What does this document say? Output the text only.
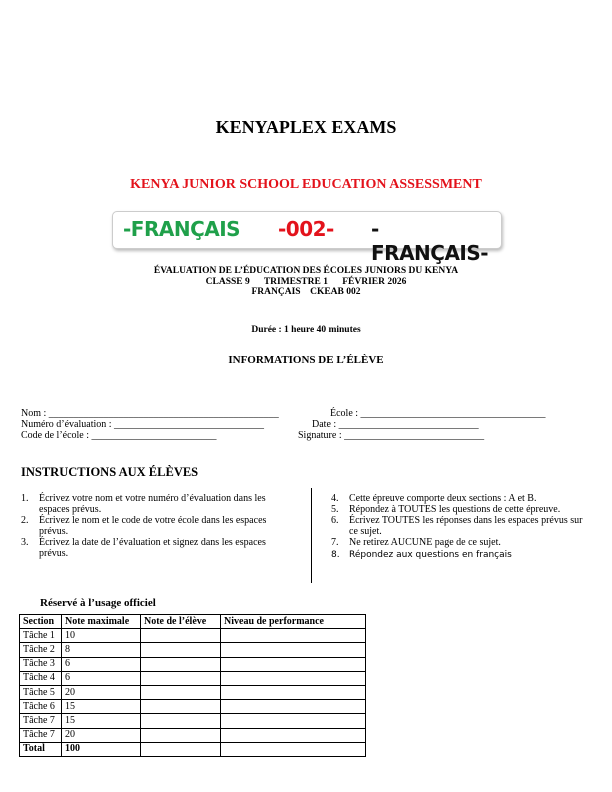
KENYAPLEX EXAMS
KENYA JUNIOR SCHOOL EDUCATION ASSESSMENT
-FRANÇAIS -002- - FRANÇAIS-
ÉVALUATION DE L’ÉDUCATION DES ÉCOLES JUNIORS DU KENYA
CLASSE 9      TRIMESTRE 1      FÉVRIER 2026
FRANÇAIS    CKEAB 002
Durée : 1 heure 40 minutes
INFORMATIONS DE L’ÉLÈVE
Nom : ______________________________________________	École : _____________________________________
Numéro d’évaluation : ______________________________	Date : ____________________________
Code de l’école : _________________________	Signature : ____________________________
INSTRUCTIONS AUX ÉLÈVES
1. Écrivez votre nom et votre numéro d’évaluation dans les espaces prévus.
2. Écrivez le nom et le code de votre école dans les espaces prévus.
3. Écrivez la date de l’évaluation et signez dans les espaces prévus.
4. Cette épreuve comporte deux sections : A et B.
5. Répondez à TOUTES les questions de cette épreuve.
6. Écrivez TOUTES les réponses dans les espaces prévus sur ce sujet.
7. Ne retirez AUCUNE page de ce sujet.
8. Répondez aux questions en français
Réservé à l’usage officiel
Section	Note maximale	Note de l’élève	Niveau de performance
Tâche 1	10		
Tâche 2	8		
Tâche 3	6		
Tâche 4	6		
Tâche 5	20		
Tâche 6	15		
Tâche 7	15		
Tâche 7	20		
Total	100		
